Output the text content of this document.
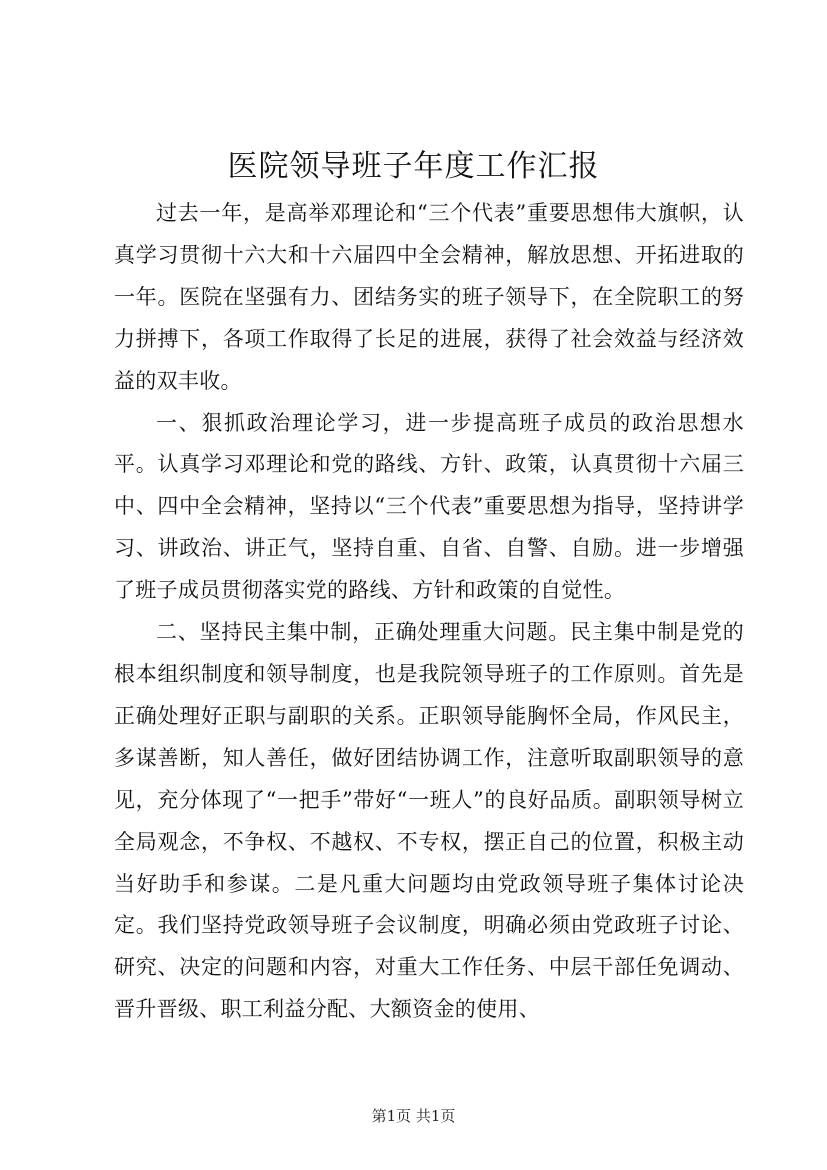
医院领导班子年度工作汇报

过去一年，是高举邓理论和“三个代表”重要思想伟大旗帜，认真学习贯彻十六大和十六届四中全会精神，解放思想、开拓进取的一年。医院在坚强有力、团结务实的班子领导下，在全院职工的努力拼搏下，各项工作取得了长足的进展，获得了社会效益与经济效益的双丰收。

一、狠抓政治理论学习，进一步提高班子成员的政治思想水平。认真学习邓理论和党的路线、方针、政策，认真贯彻十六届三中、四中全会精神，坚持以“三个代表”重要思想为指导，坚持讲学习、讲政治、讲正气，坚持自重、自省、自警、自励。进一步增强了班子成员贯彻落实党的路线、方针和政策的自觉性。

二、坚持民主集中制，正确处理重大问题。民主集中制是党的根本组织制度和领导制度，也是我院领导班子的工作原则。首先是正确处理好正职与副职的关系。正职领导能胸怀全局，作风民主，多谋善断，知人善任，做好团结协调工作，注意听取副职领导的意见，充分体现了“一把手”带好“一班人”的良好品质。副职领导树立全局观念，不争权、不越权、不专权，摆正自己的位置，积极主动当好助手和参谋。二是凡重大问题均由党政领导班子集体讨论决定。我们坚持党政领导班子会议制度，明确必须由党政班子讨论、研究、决定的问题和内容，对重大工作任务、中层干部任免调动、晋升晋级、职工利益分配、大额资金的使用、

第1页 共1页
